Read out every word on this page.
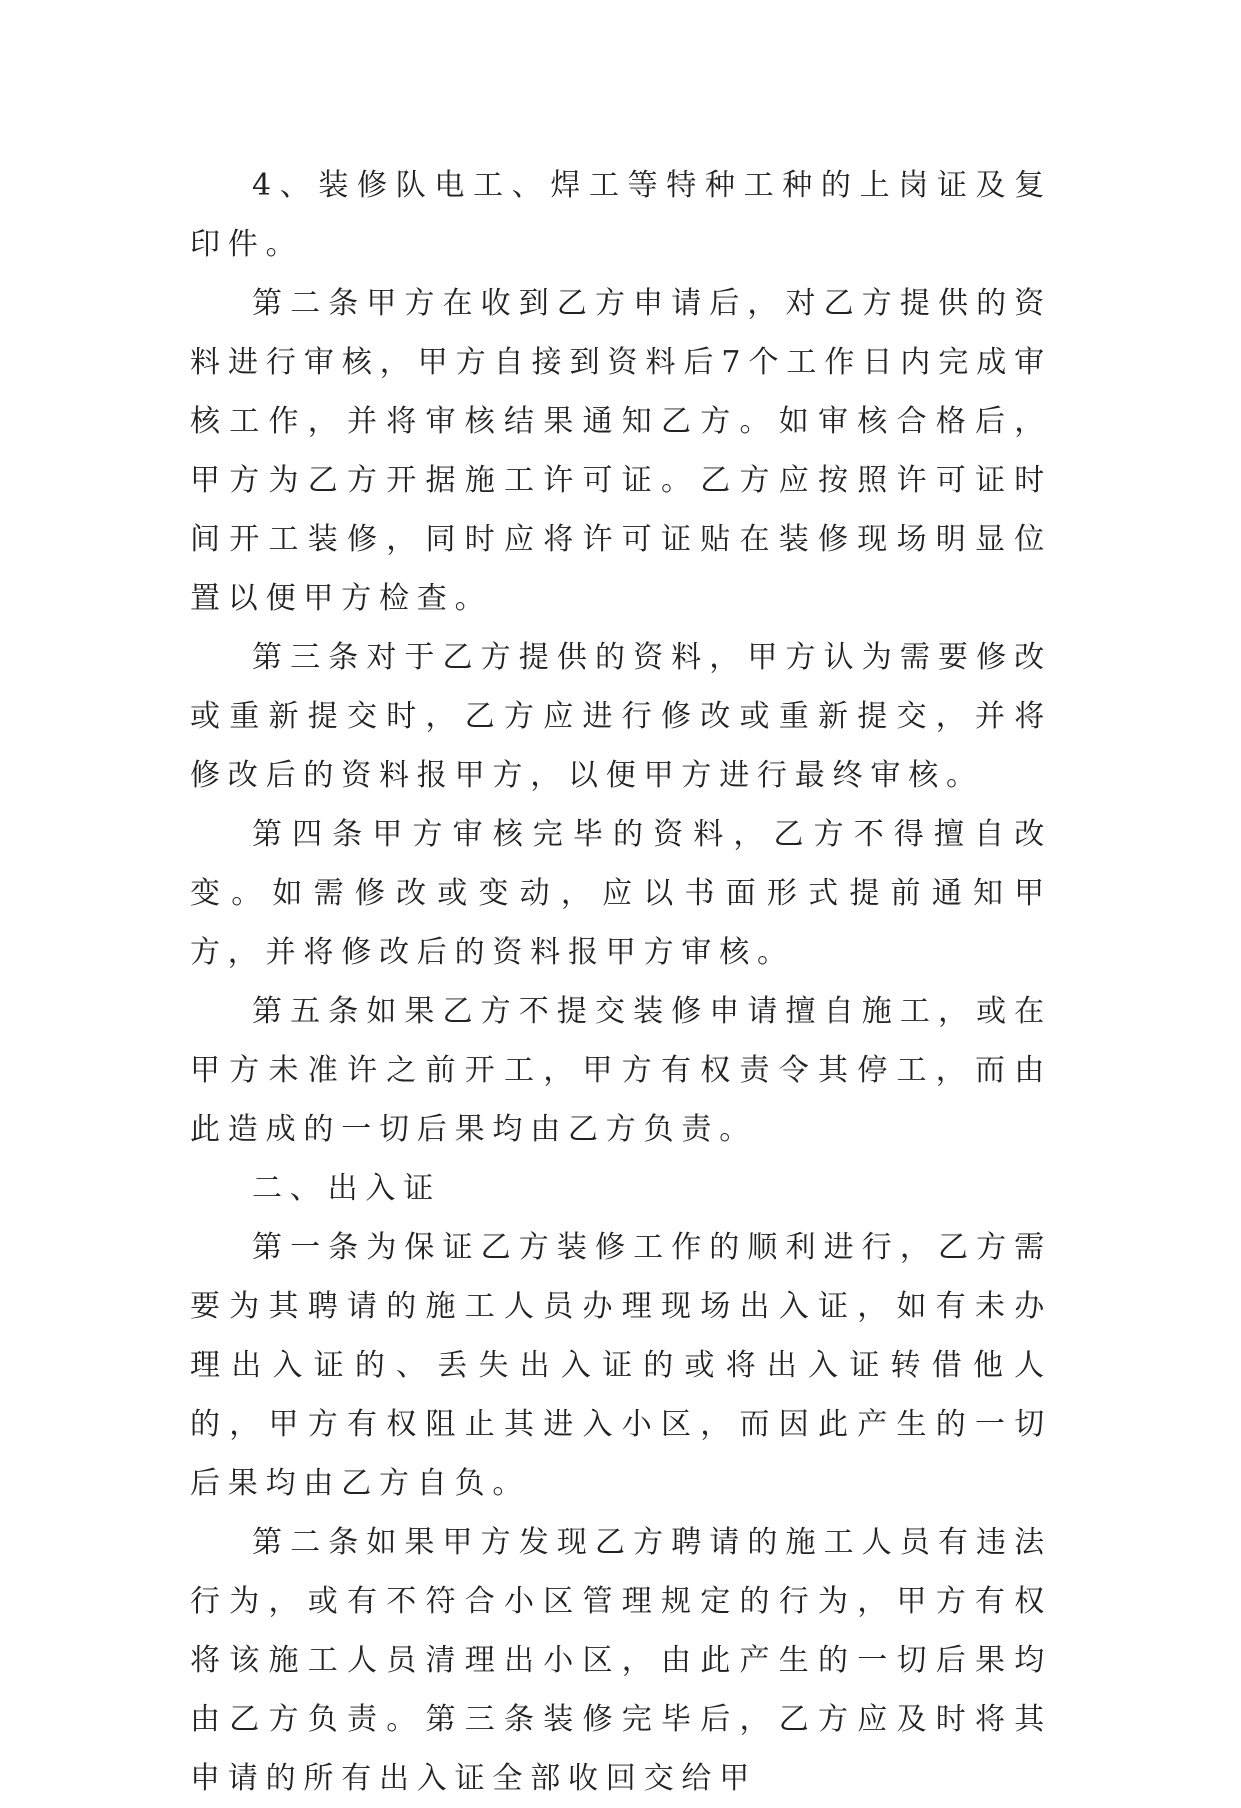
4、装修队电工、焊工等特种工种的上岗证及复印件。

第二条甲方在收到乙方申请后，对乙方提供的资料进行审核，甲方自接到资料后7个工作日内完成审核工作，并将审核结果通知乙方。如审核合格后，甲方为乙方开据施工许可证。乙方应按照许可证时间开工装修，同时应将许可证贴在装修现场明显位置以便甲方检查。

第三条对于乙方提供的资料，甲方认为需要修改或重新提交时，乙方应进行修改或重新提交，并将修改后的资料报甲方，以便甲方进行最终审核。

第四条甲方审核完毕的资料，乙方不得擅自改变。如需修改或变动，应以书面形式提前通知甲方，并将修改后的资料报甲方审核。

第五条如果乙方不提交装修申请擅自施工，或在甲方未准许之前开工，甲方有权责令其停工，而由此造成的一切后果均由乙方负责。

二、出入证

第一条为保证乙方装修工作的顺利进行，乙方需要为其聘请的施工人员办理现场出入证，如有未办理出入证的、丢失出入证的或将出入证转借他人的，甲方有权阻止其进入小区，而因此产生的一切后果均由乙方自负。

第二条如果甲方发现乙方聘请的施工人员有违法行为，或有不符合小区管理规定的行为，甲方有权将该施工人员清理出小区，由此产生的一切后果均由乙方负责。第三条装修完毕后，乙方应及时将其申请的所有出入证全部收回交给甲
